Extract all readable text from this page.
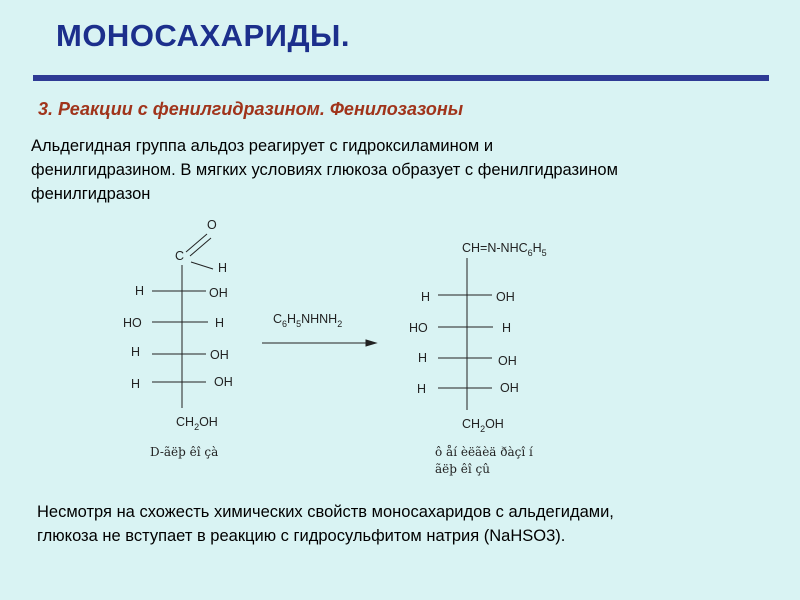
МОНОСАХАРИДЫ.
3. Реакции с фенилгидразином. Фенилозазоны
Альдегидная группа альдоз реагирует с гидроксиламином и
фенилгидразином. В мягких условиях глюкоза образует с фенилгидразином
фенилгидразон
O
C
H
H	OH
HO	H
H	OH
H	OH
$CH_2OH$
D-ãëþ êî çà
$C_6H_5NHNH_2$
$CH=N-NHC_6H_5$
H	OH
HO	H
H	OH
H	OH
$CH_2OH$
ô åí èëãèä ðàçî í
ãëþ êî çû
Несмотря на схожесть химических свойств моносахаридов с альдегидами,
глюкоза не вступает в реакцию с гидросульфитом натрия (NaHSO3).
